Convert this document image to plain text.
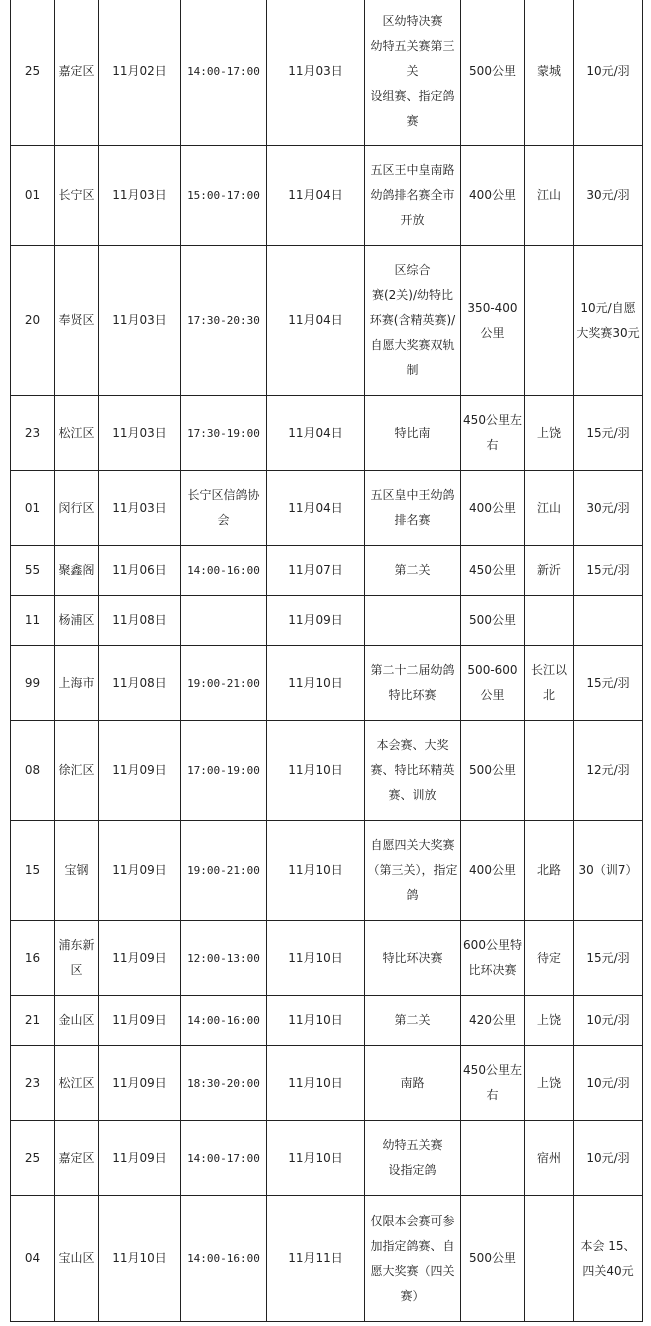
25	嘉定区	11月02日	14:00-17:00	11月03日	区幼特决赛
幼特五关赛第三关
设组赛、指定鸽赛	500公里	蒙城	10元/羽
01	长宁区	11月03日	15:00-17:00	11月04日	五区王中皇南路幼鸽排名赛全市开放	400公里	江山	30元/羽
20	奉贤区	11月03日	17:30-20:30	11月04日	区综合
赛(2关)/幼特比环赛(含精英赛)/自愿大奖赛双轨制	350-400公里		10元/自愿大奖赛30元
23	松江区	11月03日	17:30-19:00	11月04日	特比南	450公里左右	上饶	15元/羽
01	闵行区	11月03日	长宁区信鸽协会	11月04日	五区皇中王幼鸽排名赛	400公里	江山	30元/羽
55	聚鑫阁	11月06日	14:00-16:00	11月07日	第二关	450公里	新沂	15元/羽
11	杨浦区	11月08日		11月09日		500公里		
99	上海市	11月08日	19:00-21:00	11月10日	第二十二届幼鸽特比环赛	500-600公里	长江以北	15元/羽
08	徐汇区	11月09日	17:00-19:00	11月10日	本会赛、大奖赛、特比环精英赛、训放	500公里		12元/羽
15	宝钢	11月09日	19:00-21:00	11月10日	自愿四关大奖赛（第三关），指定鸽	400公里	北路	30（训7）
16	浦东新区	11月09日	12:00-13:00	11月10日	特比环决赛	600公里特比环决赛	待定	15元/羽
21	金山区	11月09日	14:00-16:00	11月10日	第二关	420公里	上饶	10元/羽
23	松江区	11月09日	18:30-20:00	11月10日	南路	450公里左右	上饶	10元/羽
25	嘉定区	11月09日	14:00-17:00	11月10日	幼特五关赛
设指定鸽		宿州	10元/羽
04	宝山区	11月10日	14:00-16:00	11月11日	仅限本会赛可参加指定鸽赛、自愿大奖赛（四关赛）	500公里		本会 15、四关40元
